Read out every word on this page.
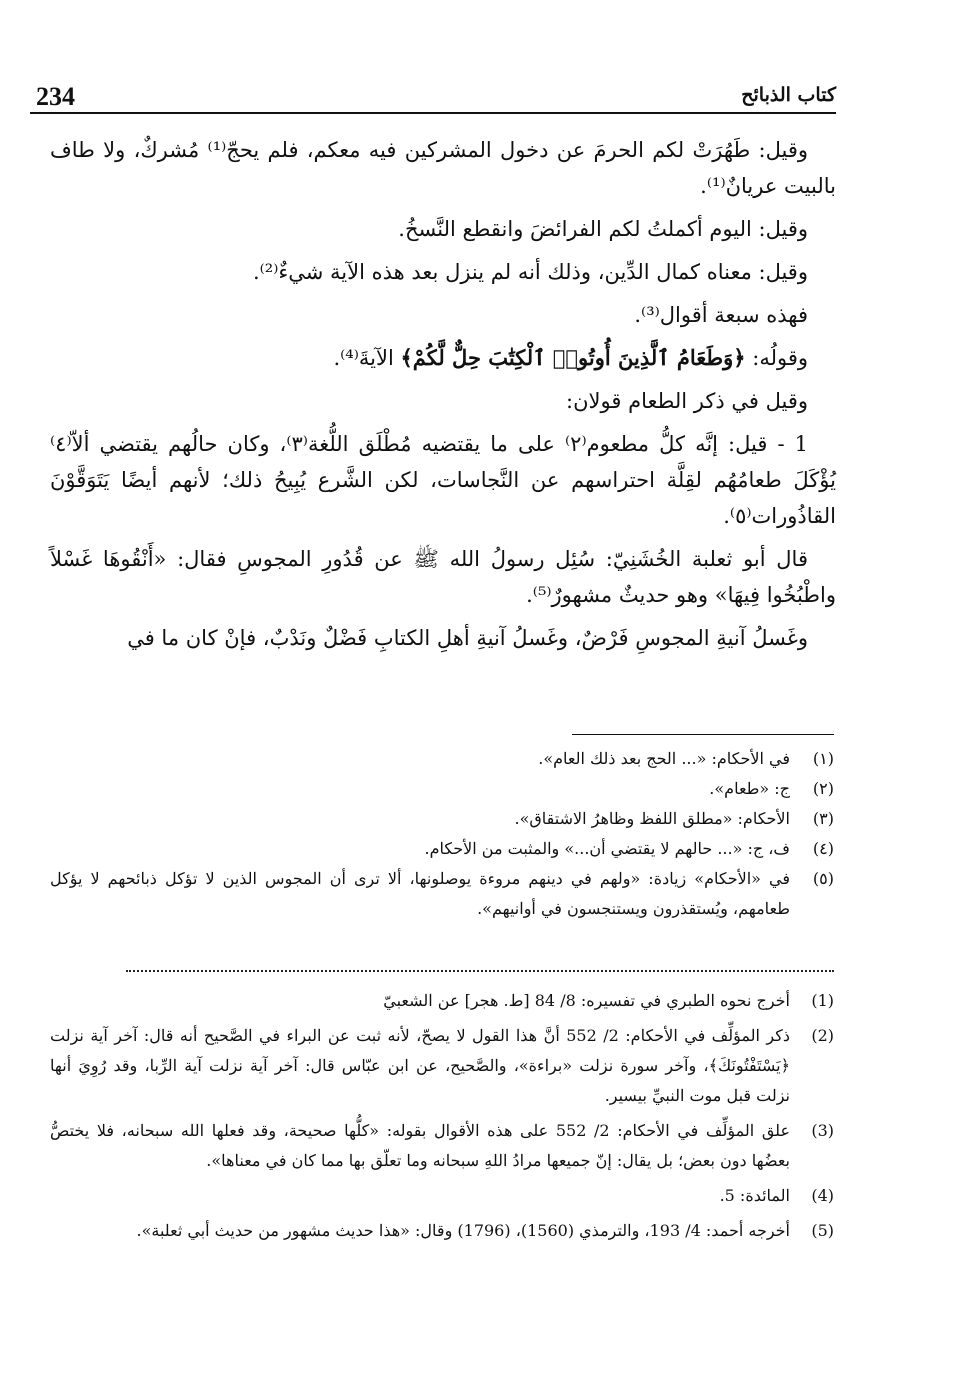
كتاب الذبائح
234

وقيل: طَهُرَتْ لكم الحرمَ عن دخول المشركين فيه معكم، فلم يحجّ⁽¹⁾ مُشركٌ، ولا طاف بالبيت عريانٌ⁽¹⁾.

وقيل: اليوم أكملتُ لكم الفرائضَ وانقطع النَّسخُ.

وقيل: معناه كمال الدِّين، وذلك أنه لم ينزل بعد هذه الآية شيءٌ⁽²⁾.

فهذه سبعة أقوال⁽³⁾.

وقولُه: ﴿وَطَعَامُ ٱلَّذِينَ أُوتُوا۟ ٱلْكِتَٰبَ حِلٌّ لَّكُمْ﴾ الآيةَ⁽⁴⁾.

وقيل في ذكر الطعام قولان:

1 - قيل: إنَّه كلُّ مطعوم⁽٢⁾ على ما يقتضيه مُطْلَق اللُّغة⁽٣⁾، وكان حالُهم يقتضي ألاّ⁽٤⁾ يُؤْكَلَ طعامُهُم لقِلَّة احتراسهم عن النَّجاسات، لكن الشَّرع يُبِيحُ ذلك؛ لأنهم أيضًا يَتَوَقَّوْنَ القاذُورات⁽٥⁾.

قال أبو ثعلبة الخُشَنِيّ: سُئِل رسولُ الله ﷺ عن قُدُورِ المجوسِ فقال: «أَنْقُوهَا غَسْلاً واطْبُخُوا فِيهَا» وهو حديثٌ مشهورٌ⁽⁵⁾.

وغَسلُ آنيةِ المجوسِ فَرْضٌ، وغَسلُ آنيةِ أهلِ الكتابِ فَضْلٌ ونَدْبٌ، فإنْ كان ما في

(١)
في الأحكام: «... الحج بعد ذلك العام».
(٢)
ج: «طعام».
(٣)
الأحكام: «مطلق اللفظ وظاهرُ الاشتقاق».
(٤)
ف، ج: «... حالهم لا يقتضي أن...» والمثبت من الأحكام.
(٥)
في «الأحكام» زيادة: «ولهم في دينهم مروءة يوصلونها، ألا ترى أن المجوس الذين لا تؤكل ذبائحهم لا يؤكل طعامهم، ويُستقذرون ويستنجسون في أوانيهم».
(1)
أخرج نحوه الطبري في تفسيره: 8/ 84 [ط. هجر] عن الشعبيّ
(2)
ذكر المؤلِّف في الأحكام: 2/ 552 أنَّ هذا القول لا يصحّ، لأنه ثبت عن البراء في الصَّحيح أنه قال: آخر آية نزلت ﴿يَسْتَفْتُونَكَ﴾، وآخر سورة نزلت «براءة»، والصَّحيح، عن ابن عبّاس قال: آخر آية نزلت آية الرِّبا، وقد رُوِيَ أنها نزلت قبل موت النبيِّ بيسير.
(3)
علق المؤلِّف في الأحكام: 2/ 552 على هذه الأقوال بقوله: «كلُّها صحيحة، وقد فعلها الله سبحانه، فلا يختصُّ بعضُها دون بعض؛ بل يقال: إنّ جميعها مرادُ اللهِ سبحانه وما تعلّق بها مما كان في معناها».
(4)
المائدة: 5.
(5)
أخرجه أحمد: 4/ 193، والترمذي (1560)، (1796) وقال: «هذا حديث مشهور من حديث أبي ثعلبة».
